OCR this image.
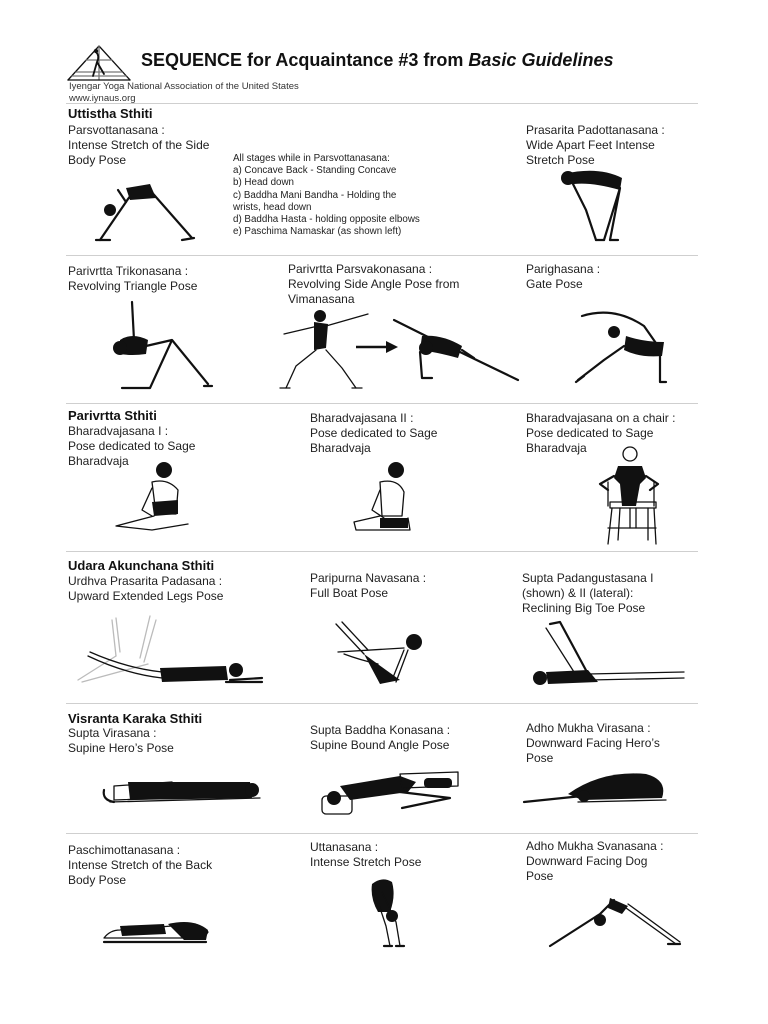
SEQUENCE for Acquaintance #3 from Basic Guidelines
Iyengar Yoga National Association of the United States
www.iynaus.org
Uttistha Sthiti
Parsvottanasana :
Intense Stretch of the Side
Body Pose	All stages while in Parsvottanasana:
a) Concave Back - Standing Concave
b) Head down
c) Baddha Mani Bandha - Holding the
wrists, head down
d) Baddha Hasta - holding opposite elbows
e) Paschima Namaskar (as shown left)
Prasarita Padottanasana :
Wide Apart Feet Intense
Stretch Pose
Parivrtta Trikonasana :
Revolving Triangle Pose
Parivrtta Parsvakonasana :
Revolving Side Angle Pose from
Vimanasana
Parighasana :
Gate Pose
Parivrtta Sthiti
Bharadvajasana I :
Pose dedicated to Sage
Bharadvaja
Bharadvajasana II :
Pose dedicated to Sage
Bharadvaja
Bharadvajasana on a chair :
Pose dedicated to Sage
Bharadvaja
Udara Akunchana Sthiti
Urdhva Prasarita Padasana :
Upward Extended Legs Pose
Paripurna Navasana :
Full Boat Pose
Supta Padangustasana I
(shown) & II (lateral):
Reclining Big Toe Pose
Visranta Karaka Sthiti
Supta Virasana :
Supine Hero’s Pose
Supta Baddha Konasana :
Supine Bound Angle Pose
Adho Mukha Virasana :
Downward Facing Hero’s
Pose
Paschimottanasana :
Intense Stretch of the Back
Body Pose
Uttanasana :
Intense Stretch Pose
Adho Mukha Svanasana :
Downward Facing Dog
Pose
